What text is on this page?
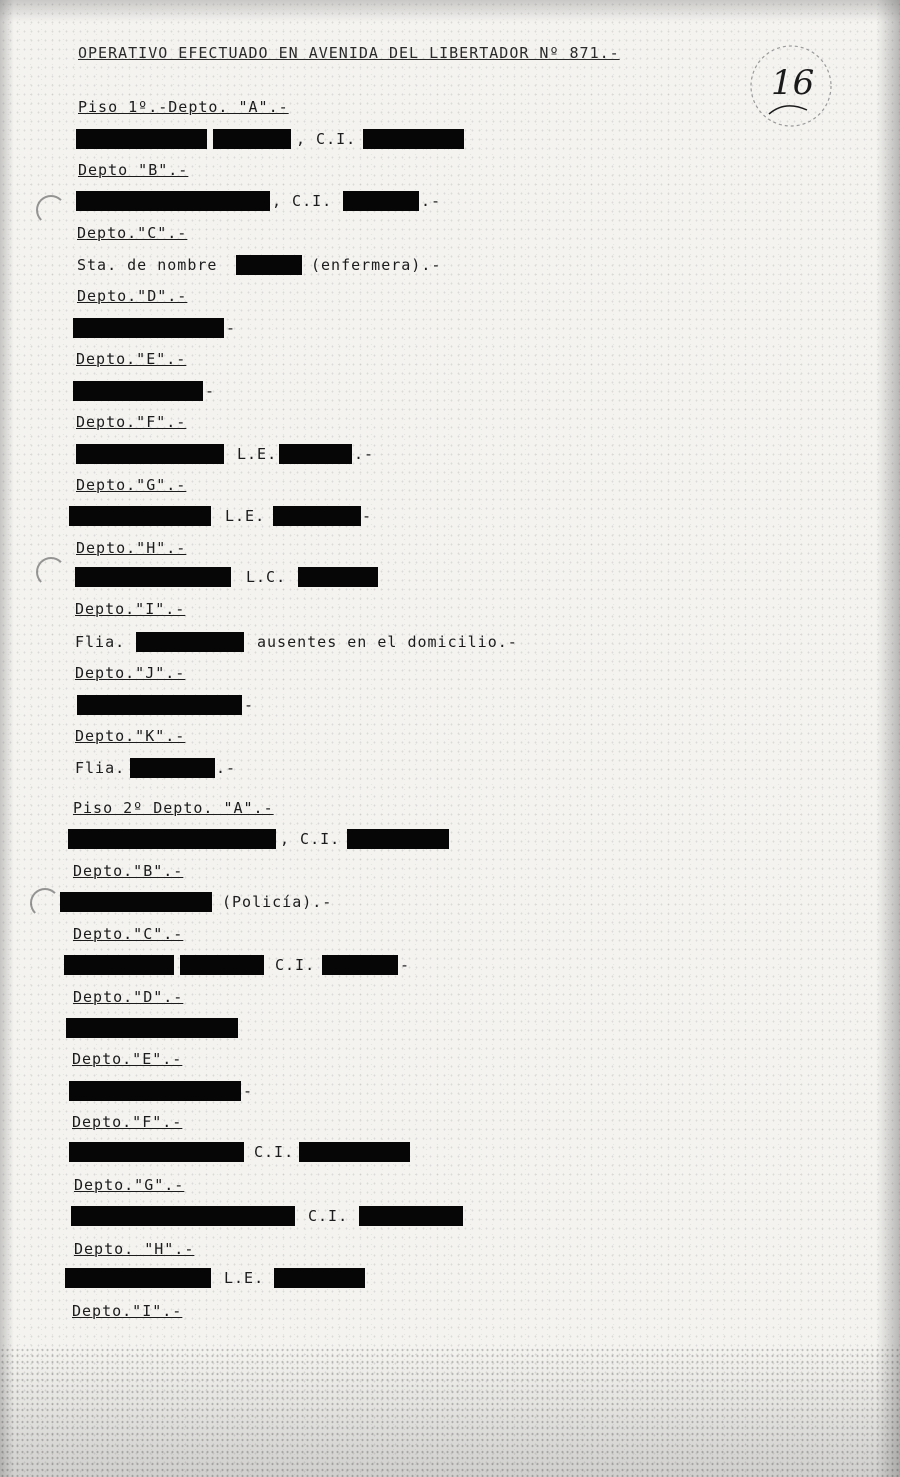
OPERATIVO EFECTUADO EN AVENIDA DEL LIBERTADOR Nº 871.-
16
Piso 1º.-Depto. "A".-
, C.I.
Depto "B".-
, C.I.	.-
Depto."C".-
Sta. de nombre	(enfermera).-
Depto."D".-
-
Depto."E".-
-
Depto."F".-
L.E.	.-
Depto."G".-
L.E.	-
Depto."H".-
L.C.
Depto."I".-
Flia.	ausentes en el domicilio.-
Depto."J".-
-
Depto."K".-
Flia.	.-
Piso 2º Depto. "A".-
, C.I.
Depto."B".-
(Policía).-
Depto."C".-
C.I.	-
Depto."D".-
Depto."E".-
-
Depto."F".-
C.I.
Depto."G".-
C.I.
Depto. "H".-
L.E.
Depto."I".-
